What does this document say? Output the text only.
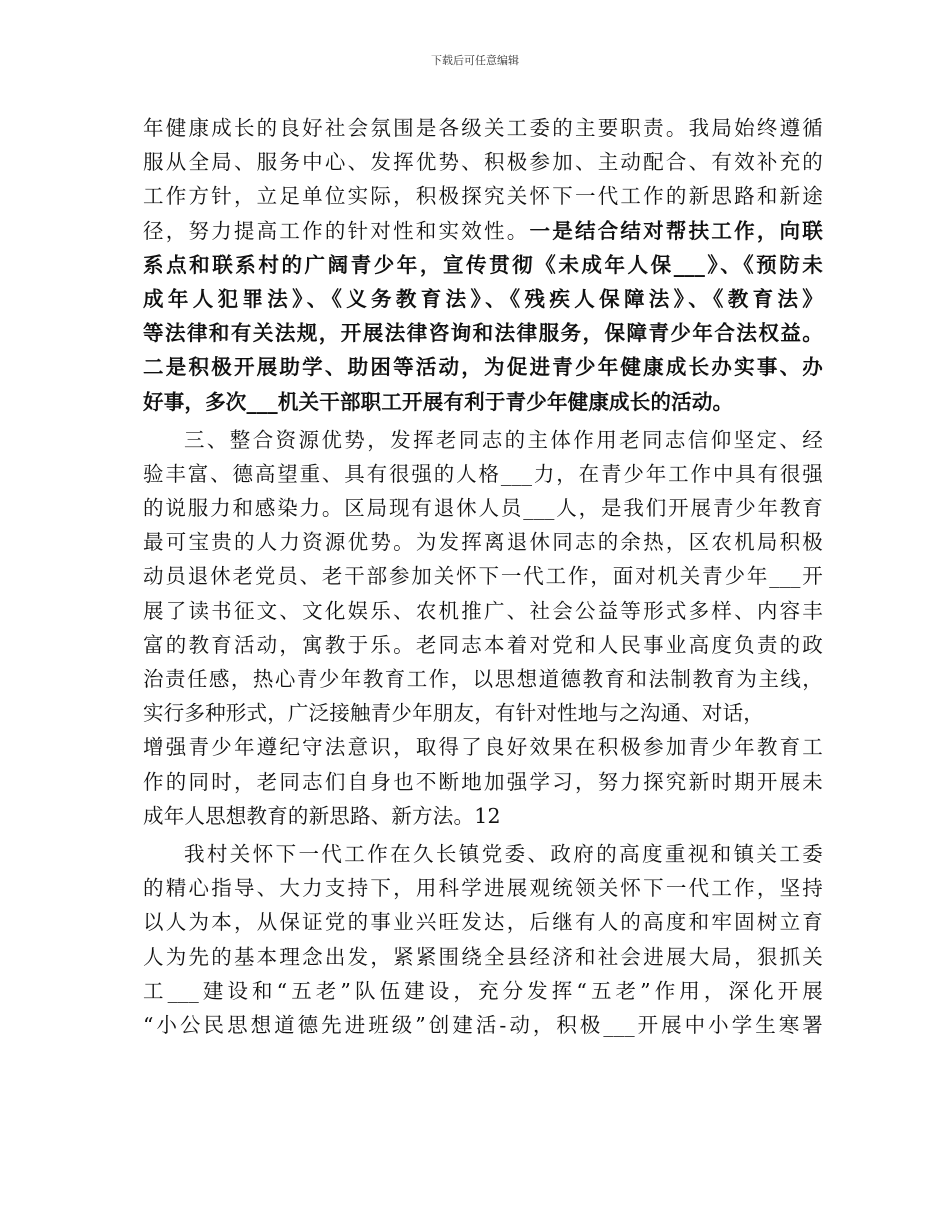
下载后可任意编辑
年健康成长的良好社会氛围是各级关工委的主要职责。我局始终遵循
服从全局、服务中心、发挥优势、积极参加、主动配合、有效补充的
工作方针，立足单位实际，积极探究关怀下一代工作的新思路和新途
径，努力提高工作的针对性和实效性。一是结合结对帮扶工作，向联
系点和联系村的广阔青少年，宣传贯彻《未成年人保___》、《预防未
成年人犯罪法》、《义务教育法》、《残疾人保障法》、《教育法》
等法律和有关法规，开展法律咨询和法律服务，保障青少年合法权益。
二是积极开展助学、助困等活动，为促进青少年健康成长办实事、办
好事，多次___机关干部职工开展有利于青少年健康成长的活动。
三、整合资源优势，发挥老同志的主体作用老同志信仰坚定、经
验丰富、德高望重、具有很强的人格___力，在青少年工作中具有很强
的说服力和感染力。区局现有退休人员___人，是我们开展青少年教育
最可宝贵的人力资源优势。为发挥离退休同志的余热，区农机局积极
动员退休老党员、老干部参加关怀下一代工作，面对机关青少年___开
展了读书征文、文化娱乐、农机推广、社会公益等形式多样、内容丰
富的教育活动，寓教于乐。老同志本着对党和人民事业高度负责的政
治责任感，热心青少年教育工作，以思想道德教育和法制教育为主线，
实行多种形式，广泛接触青少年朋友，有针对性地与之沟通、对话，
增强青少年遵纪守法意识，取得了良好效果在积极参加青少年教育工
作的同时，老同志们自身也不断地加强学习，努力探究新时期开展未
成年人思想教育的新思路、新方法。12
我村关怀下一代工作在久长镇党委、政府的高度重视和镇关工委
的精心指导、大力支持下，用科学进展观统领关怀下一代工作，坚持
以人为本，从保证党的事业兴旺发达，后继有人的高度和牢固树立育
人为先的基本理念出发，紧紧围绕全县经济和社会进展大局，狠抓关
工___建设和“五老”队伍建设，充分发挥“五老”作用，深化开展
“小公民思想道德先进班级”创建活-动，积极___开展中小学生寒署
